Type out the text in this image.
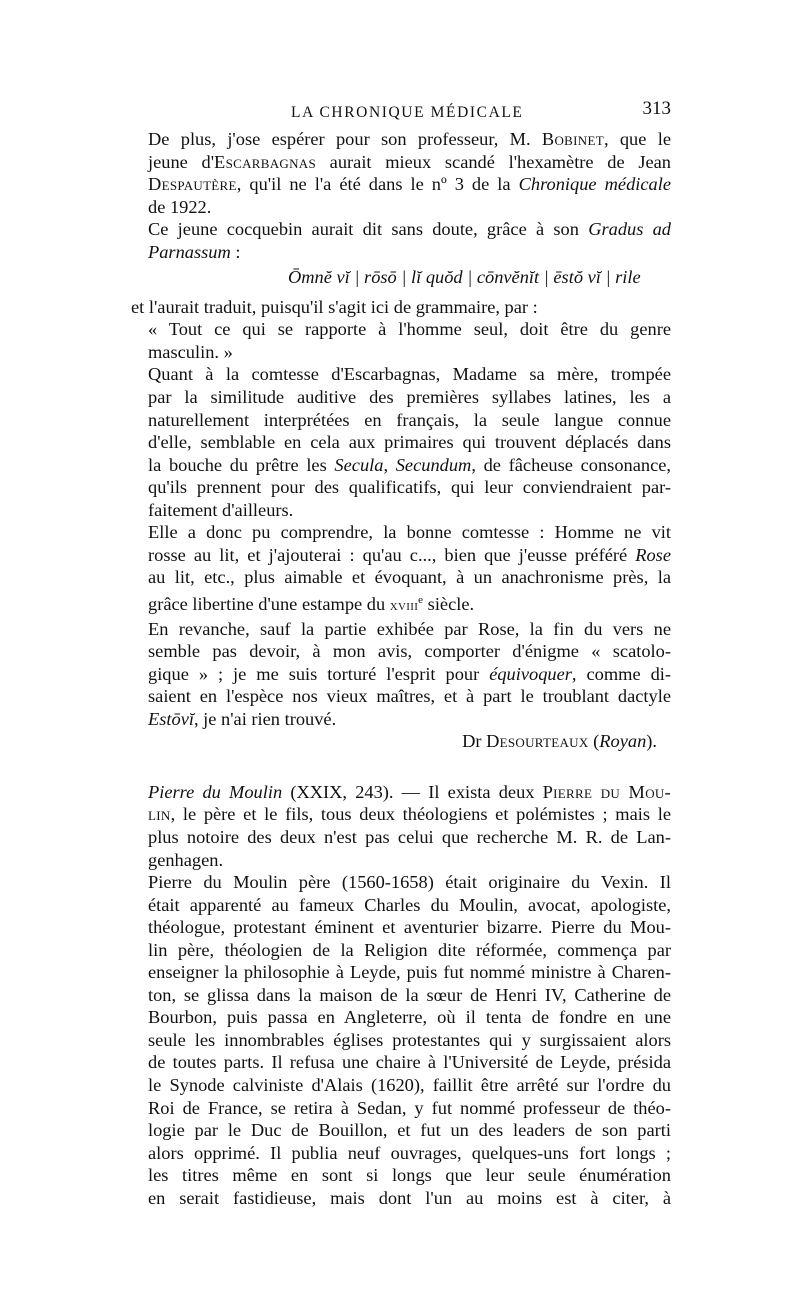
LA CHRONIQUE MÉDICALE	313

De plus, j'ose espérer pour son professeur, M. Bobinet, que le
jeune d'Escarbagnas aurait mieux scandé l'hexamètre de Jean
Despautère, qu'il ne l'a été dans le nº 3 de la Chronique médicale
de 1922.

Ce jeune cocquebin aurait dit sans doute, grâce à son Gradus ad
Parnassum :

Ōmnĕ vĭ | rōsō | lĭ quŏd | cōnvĕnĭt | ēstŏ vĭ | rile

et l'aurait traduit, puisqu'il s'agit ici de grammaire, par :

« Tout ce qui se rapporte à l'homme seul, doit être du genre
masculin. »

Quant à la comtesse d'Escarbagnas, Madame sa mère, trompée
par la similitude auditive des premières syllabes latines, les a
naturellement interprétées en français, la seule langue connue
d'elle, semblable en cela aux primaires qui trouvent déplacés dans
la bouche du prêtre les Secula, Secundum, de fâcheuse consonance,
qu'ils prennent pour des qualificatifs, qui leur conviendraient par-
faitement d'ailleurs.

Elle a donc pu comprendre, la bonne comtesse : Homme ne vit
rosse au lit, et j'ajouterai : qu'au c..., bien que j'eusse préféré Rose
au lit, etc., plus aimable et évoquant, à un anachronisme près, la
grâce libertine d'une estampe du xviii$^e$ siècle.

En revanche, sauf la partie exhibée par Rose, la fin du vers ne
semble pas devoir, à mon avis, comporter d'énigme « scatolo-
gique » ; je me suis torturé l'esprit pour équivoquer, comme di-
saient en l'espèce nos vieux maîtres, et à part le troublant dactyle
Estōvĭ, je n'ai rien trouvé.

Dr Desourteaux (Royan).

Pierre du Moulin (XXIX, 243). — Il exista deux Pierre du Mou-
lin, le père et le fils, tous deux théologiens et polémistes ; mais le
plus notoire des deux n'est pas celui que recherche M. R. de Lan-
genhagen.

Pierre du Moulin père (1560-1658) était originaire du Vexin. Il
était apparenté au fameux Charles du Moulin, avocat, apologiste,
théologue, protestant éminent et aventurier bizarre. Pierre du Mou-
lin père, théologien de la Religion dite réformée, commença par
enseigner la philosophie à Leyde, puis fut nommé ministre à Charen-
ton, se glissa dans la maison de la sœur de Henri IV, Catherine de
Bourbon, puis passa en Angleterre, où il tenta de fondre en une
seule les innombrables églises protestantes qui y surgissaient alors
de toutes parts. Il refusa une chaire à l'Université de Leyde, présida
le Synode calviniste d'Alais (1620), faillit être arrêté sur l'ordre du
Roi de France, se retira à Sedan, y fut nommé professeur de théo-
logie par le Duc de Bouillon, et fut un des leaders de son parti
alors opprimé. Il publia neuf ouvrages, quelques-uns fort longs ;
les titres même en sont si longs que leur seule énumération
en serait fastidieuse, mais dont l'un au moins est à citer, à
